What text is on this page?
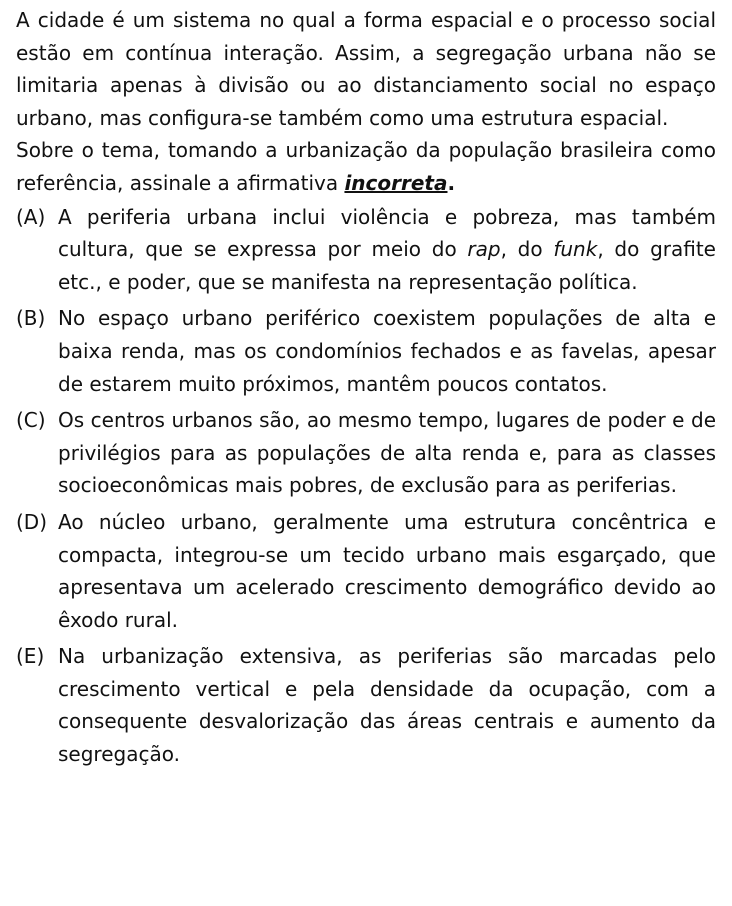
A cidade é um sistema no qual a forma espacial e o processo social estão em contínua interação. Assim, a segregação urbana não se limitaria apenas à divisão ou ao distanciamento social no espaço urbano, mas configura-se também como uma estrutura espacial.

Sobre o tema, tomando a urbanização da população brasileira como referência, assinale a afirmativa incorreta.

(A) A periferia urbana inclui violência e pobreza, mas também cultura, que se expressa por meio do rap, do funk, do grafite etc., e poder, que se manifesta na representação política.
(B) No espaço urbano periférico coexistem populações de alta e baixa renda, mas os condomínios fechados e as favelas, apesar de estarem muito próximos, mantêm poucos contatos.
(C) Os centros urbanos são, ao mesmo tempo, lugares de poder e de privilégios para as populações de alta renda e, para as classes socioeconômicas mais pobres, de exclusão para as periferias.
(D) Ao núcleo urbano, geralmente uma estrutura concêntrica e compacta, integrou-se um tecido urbano mais esgarçado, que apresentava um acelerado crescimento demográfico devido ao êxodo rural.
(E) Na urbanização extensiva, as periferias são marcadas pelo crescimento vertical e pela densidade da ocupação, com a consequente desvalorização das áreas centrais e aumento da segregação.
